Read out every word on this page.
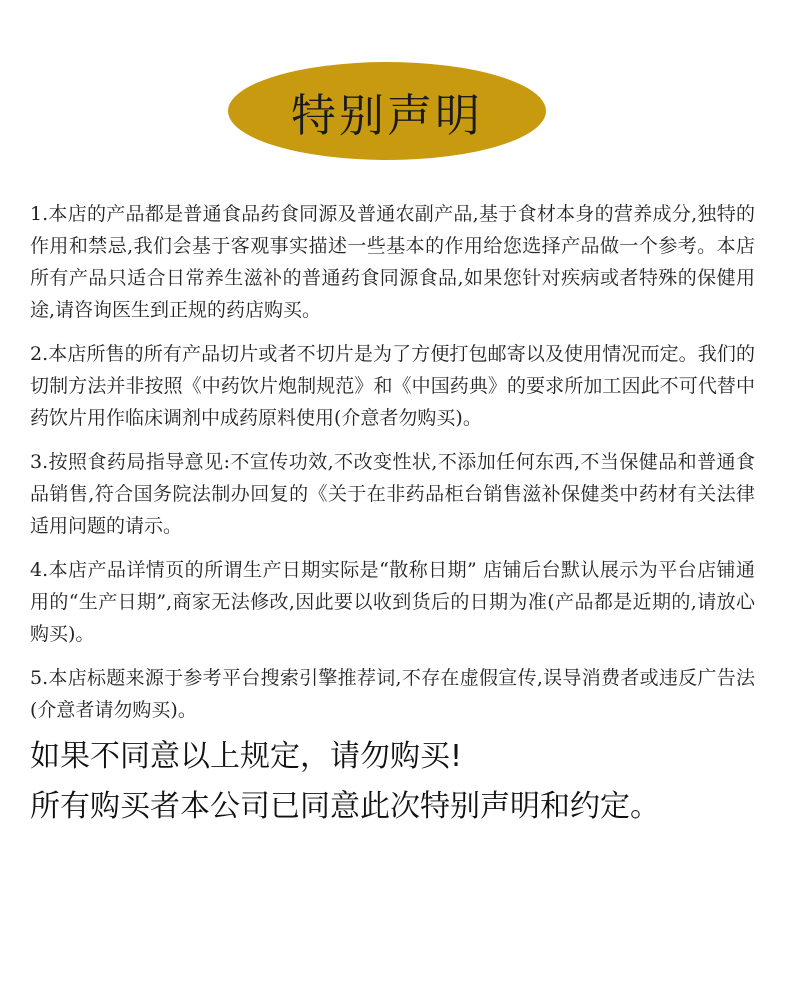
特别声明

1.本店的产品都是普通食品药食同源及普通农副产品,基于食材本身的营养成分,独特的作用和禁忌,我们会基于客观事实描述一些基本的作用给您选择产品做一个参考。本店所有产品只适合日常养生滋补的普通药食同源食品,如果您针对疾病或者特殊的保健用途,请咨询医生到正规的药店购买。

2.本店所售的所有产品切片或者不切片是为了方便打包邮寄以及使用情况而定。我们的切制方法并非按照《中药饮片炮制规范》和《中国药典》的要求所加工因此不可代替中药饮片用作临床调剂中成药原料使用(介意者勿购买)。

3.按照食药局指导意见:不宣传功效,不改变性状,不添加任何东西,不当保健品和普通食品销售,符合国务院法制办回复的《关于在非药品柜台销售滋补保健类中药材有关法律适用问题的请示。

4.本店产品详情页的所谓生产日期实际是“散称日期” 店铺后台默认展示为平台店铺通用的“生产日期”,商家无法修改,因此要以收到货后的日期为准(产品都是近期的,请放心购买)。

5.本店标题来源于参考平台搜索引擎推荐词,不存在虚假宣传,误导消费者或违反广告法(介意者请勿购买)。

如果不同意以上规定，请勿购买!
所有购买者本公司已同意此次特别声明和约定。
